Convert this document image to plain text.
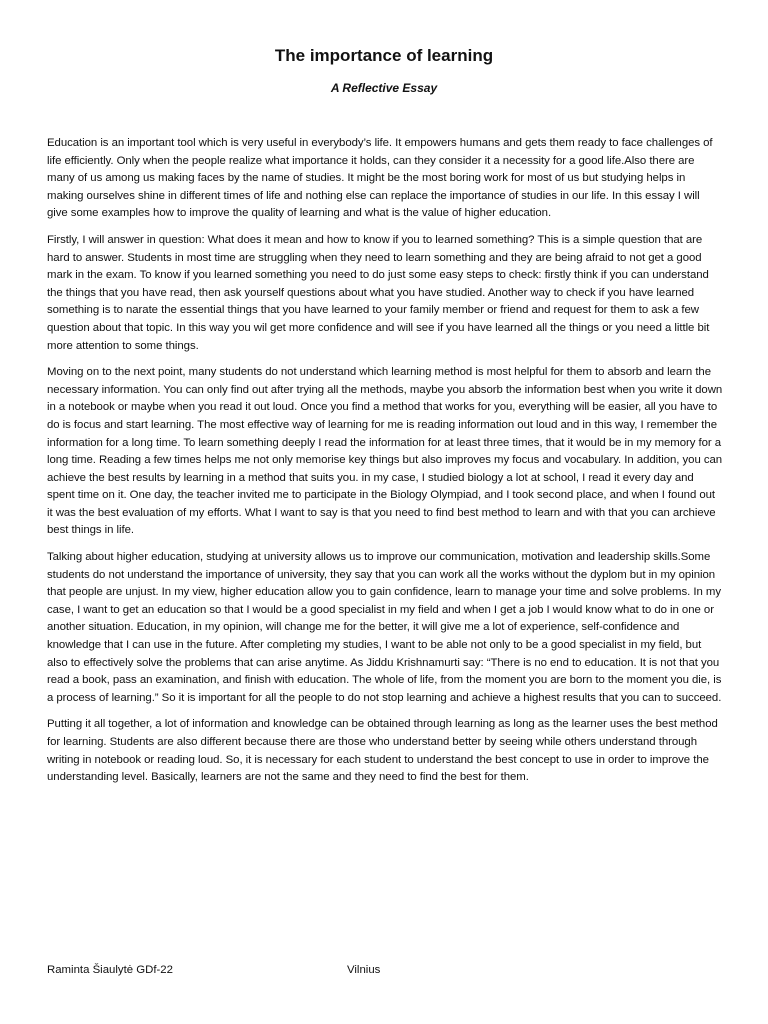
The importance of learning

A Reflective Essay

Education is an important tool which is very useful in everybody’s life. It empowers humans and gets them ready to face challenges of life efficiently. Only when the people realize what importance it holds, can they consider it a necessity for a good life.Also there are many of us among us making faces by the name of studies. It might be the most boring work for most of us but studying helps in making ourselves shine in different times of life and nothing else can replace the importance of studies in our life. In this essay I will give some examples how to improve the quality of learning and what is the value of higher education.

Firstly, I will answer in question: What does it mean and how to know if you to learned something? This is a simple question that are hard to answer. Students in most time are struggling when they need to learn something and they are being afraid to not get a good mark in the exam. To know if you learned something you need to do just some easy steps to check: firstly think if you can understand the things that you have read, then ask yourself questions about what you have studied. Another way to check if you have learned something is to narate the essential things that you have learned to your family member or friend and request for them to ask a few question about that topic. In this way you wil get more confidence and will see if you have learned all the things or you need a little bit more attention to some things.

Moving on to the next point, many students do not understand which learning method is most helpful for them to absorb and learn the necessary information. You can only find out after trying all the methods, maybe you absorb the information best when you write it down in a notebook or maybe when you read it out loud. Once you find a method that works for you, everything will be easier, all you have to do is focus and start learning. The most effective way of learning for me is reading information out loud and in this way, I remember the information for a long time. To learn something deeply I read the information for at least three times, that it would be in my memory for a long time. Reading a few times helps me not only memorise key things but also improves my focus and vocabulary. In addition, you can achieve the best results by learning in a method that suits you. in my case, I studied biology a lot at school, I read it every day and spent time on it. One day, the teacher invited me to participate in the Biology Olympiad, and I took second place, and when I found out it was the best evaluation of my efforts. What I want to say is that you need to find best method to learn and with that you can archieve best things in life.

Talking about higher education, studying at university allows us to improve our communication, motivation and leadership skills.Some students do not understand the importance of university, they say that you can work all the works without the dyplom but in my opinion that people are unjust. In my view, higher education allow you to gain confidence, learn to manage your time and solve problems. In my case, I want to get an education so that I would be a good specialist in my field and when I get a job I would know what to do in one or another situation. Education, in my opinion, will change me for the better, it will give me a lot of experience, self-confidence and knowledge that I can use in the future. After completing my studies, I want to be able not only to be a good specialist in my field, but also to effectively solve the problems that can arise anytime. As Jiddu Krishnamurti say: “There is no end to education. It is not that you read a book, pass an examination, and finish with education. The whole of life, from the moment you are born to the moment you die, is a process of learning.” So it is important for all the people to do not stop learning and achieve a highest results that you can to succeed.

Putting it all together, a lot of information and knowledge can be obtained through learning as long as the learner uses the best method for learning. Students are also different because there are those who understand better by seeing while others understand through writing in notebook or reading loud. So, it is necessary for each student to understand the best concept to use in order to improve the understanding level. Basically, learners are not the same and they need to find the best for them.

Raminta Šiaulytė GDf-22	Vilnius
